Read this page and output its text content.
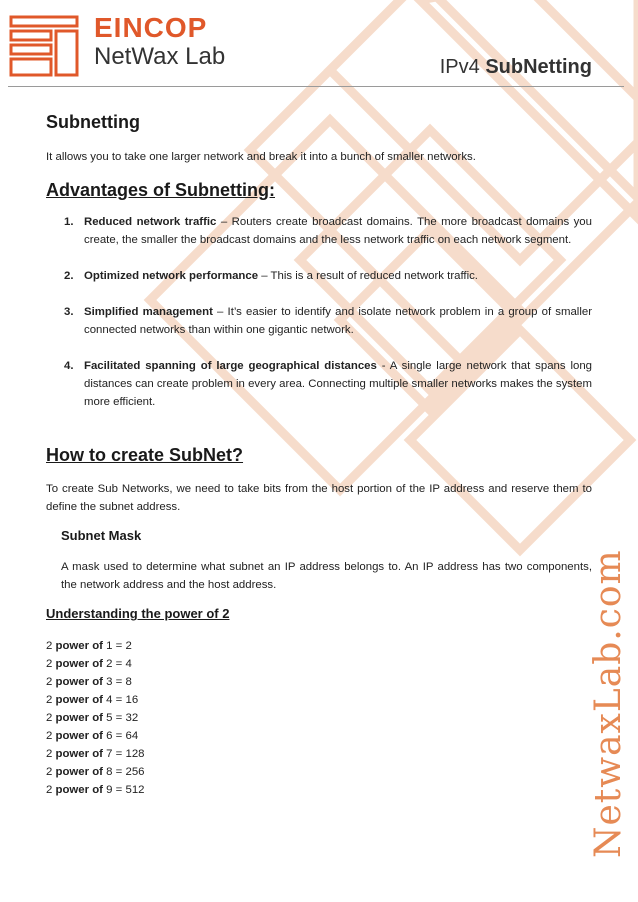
EINCOP
NetWax Lab	IPv4 SubNetting
Subnetting
It allows you to take one larger network and break it into a bunch of smaller networks.
Advantages of Subnetting:
1. Reduced network traffic – Routers create broadcast domains. The more broadcast domains you create, the smaller the broadcast domains and the less network traffic on each network segment.
2. Optimized network performance – This is a result of reduced network traffic.
3. Simplified management – It’s easier to identify and isolate network problem in a group of smaller connected networks than within one gigantic network.
4. Facilitated spanning of large geographical distances - A single large network that spans long distances can create problem in every area. Connecting multiple smaller networks makes the system more efficient.
How to create SubNet?
To create Sub Networks, we need to take bits from the host portion of the IP address and reserve them to define the subnet address.
Subnet Mask
A mask used to determine what subnet an IP address belongs to. An IP address has two components, the network address and the host address.
Understanding the power of 2
2 power of 1 = 2
2 power of 2 = 4
2 power of 3 = 8
2 power of 4 = 16
2 power of 5 = 32
2 power of 6 = 64
2 power of 7 = 128
2 power of 8 = 256
2 power of 9 = 512	NetwaxLab.com
